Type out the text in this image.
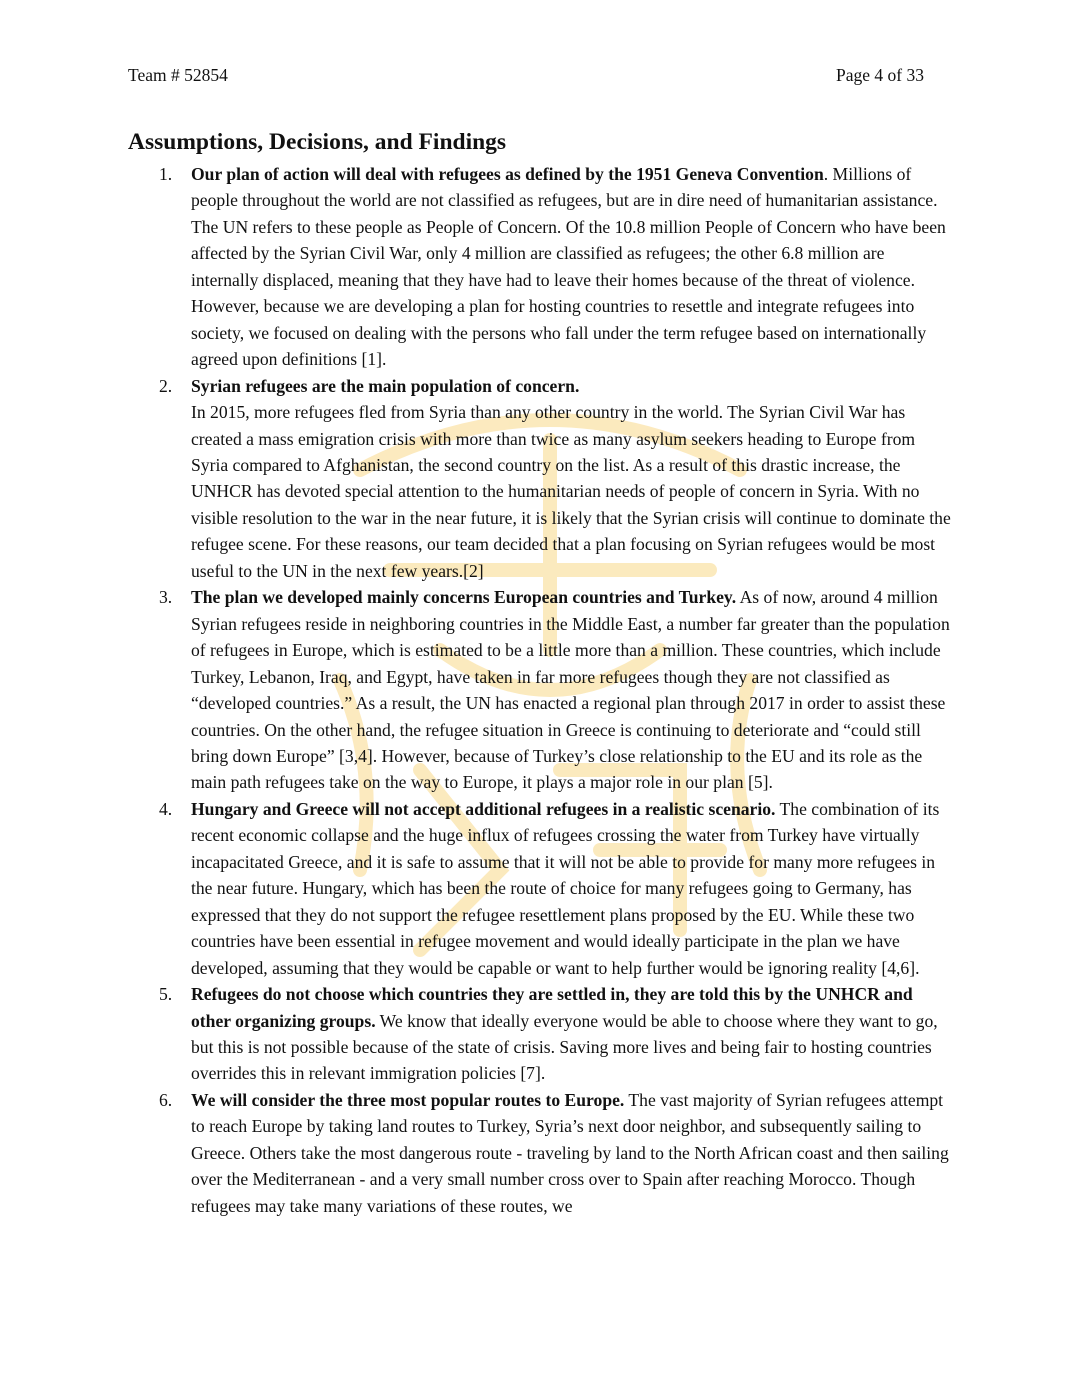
Team # 52854	Page 4 of 33
Assumptions, Decisions, and Findings
1. Our plan of action will deal with refugees as defined by the 1951 Geneva Convention. Millions of people throughout the world are not classified as refugees, but are in dire need of humanitarian assistance. The UN refers to these people as People of Concern. Of the 10.8 million People of Concern who have been affected by the Syrian Civil War, only 4 million are classified as refugees; the other 6.8 million are internally displaced, meaning that they have had to leave their homes because of the threat of violence. However, because we are developing a plan for hosting countries to resettle and integrate refugees into society, we focused on dealing with the persons who fall under the term refugee based on internationally agreed upon definitions [1].
2. Syrian refugees are the main population of concern.
In 2015, more refugees fled from Syria than any other country in the world. The Syrian Civil War has created a mass emigration crisis with more than twice as many asylum seekers heading to Europe from Syria compared to Afghanistan, the second country on the list. As a result of this drastic increase, the UNHCR has devoted special attention to the humanitarian needs of people of concern in Syria. With no visible resolution to the war in the near future, it is likely that the Syrian crisis will continue to dominate the refugee scene. For these reasons, our team decided that a plan focusing on Syrian refugees would be most useful to the UN in the next few years.[2]
3. The plan we developed mainly concerns European countries and Turkey. As of now, around 4 million Syrian refugees reside in neighboring countries in the Middle East, a number far greater than the population of refugees in Europe, which is estimated to be a little more than a million. These countries, which include Turkey, Lebanon, Iraq, and Egypt, have taken in far more refugees though they are not classified as “developed countries.” As a result, the UN has enacted a regional plan through 2017 in order to assist these countries. On the other hand, the refugee situation in Greece is continuing to deteriorate and “could still bring down Europe” [3,4]. However, because of Turkey’s close relationship to the EU and its role as the main path refugees take on the way to Europe, it plays a major role in our plan [5].
4. Hungary and Greece will not accept additional refugees in a realistic scenario. The combination of its recent economic collapse and the huge influx of refugees crossing the water from Turkey have virtually incapacitated Greece, and it is safe to assume that it will not be able to provide for many more refugees in the near future. Hungary, which has been the route of choice for many refugees going to Germany, has expressed that they do not support the refugee resettlement plans proposed by the EU. While these two countries have been essential in refugee movement and would ideally participate in the plan we have developed, assuming that they would be capable or want to help further would be ignoring reality [4,6].
5. Refugees do not choose which countries they are settled in, they are told this by the UNHCR and other organizing groups. We know that ideally everyone would be able to choose where they want to go, but this is not possible because of the state of crisis. Saving more lives and being fair to hosting countries overrides this in relevant immigration policies [7].
6. We will consider the three most popular routes to Europe. The vast majority of Syrian refugees attempt to reach Europe by taking land routes to Turkey, Syria’s next door neighbor, and subsequently sailing to Greece. Others take the most dangerous route - traveling by land to the North African coast and then sailing over the Mediterranean - and a very small number cross over to Spain after reaching Morocco. Though refugees may take many variations of these routes, we
